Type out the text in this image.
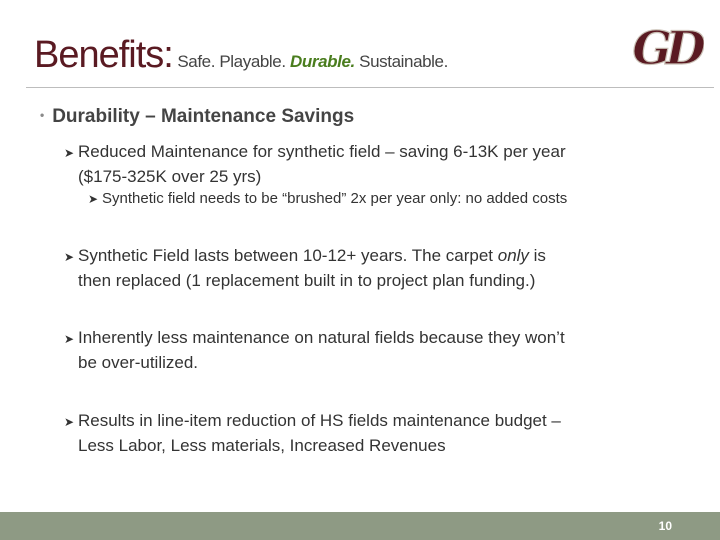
Benefits: Safe. Playable. Durable. Sustainable.	GD
• Durability – Maintenance Savings
➤ Reduced Maintenance for synthetic field – saving 6-13K per year
($175-325K over 25 yrs)
➤ Synthetic field needs to be “brushed” 2x per year only: no added costs
➤ Synthetic Field lasts between 10-12+ years. The carpet only is
then replaced (1 replacement built in to project plan funding.)
➤ Inherently less maintenance on natural fields because they won’t
be over-utilized.
➤ Results in line-item reduction of HS fields maintenance budget –
Less Labor, Less materials, Increased Revenues
10
